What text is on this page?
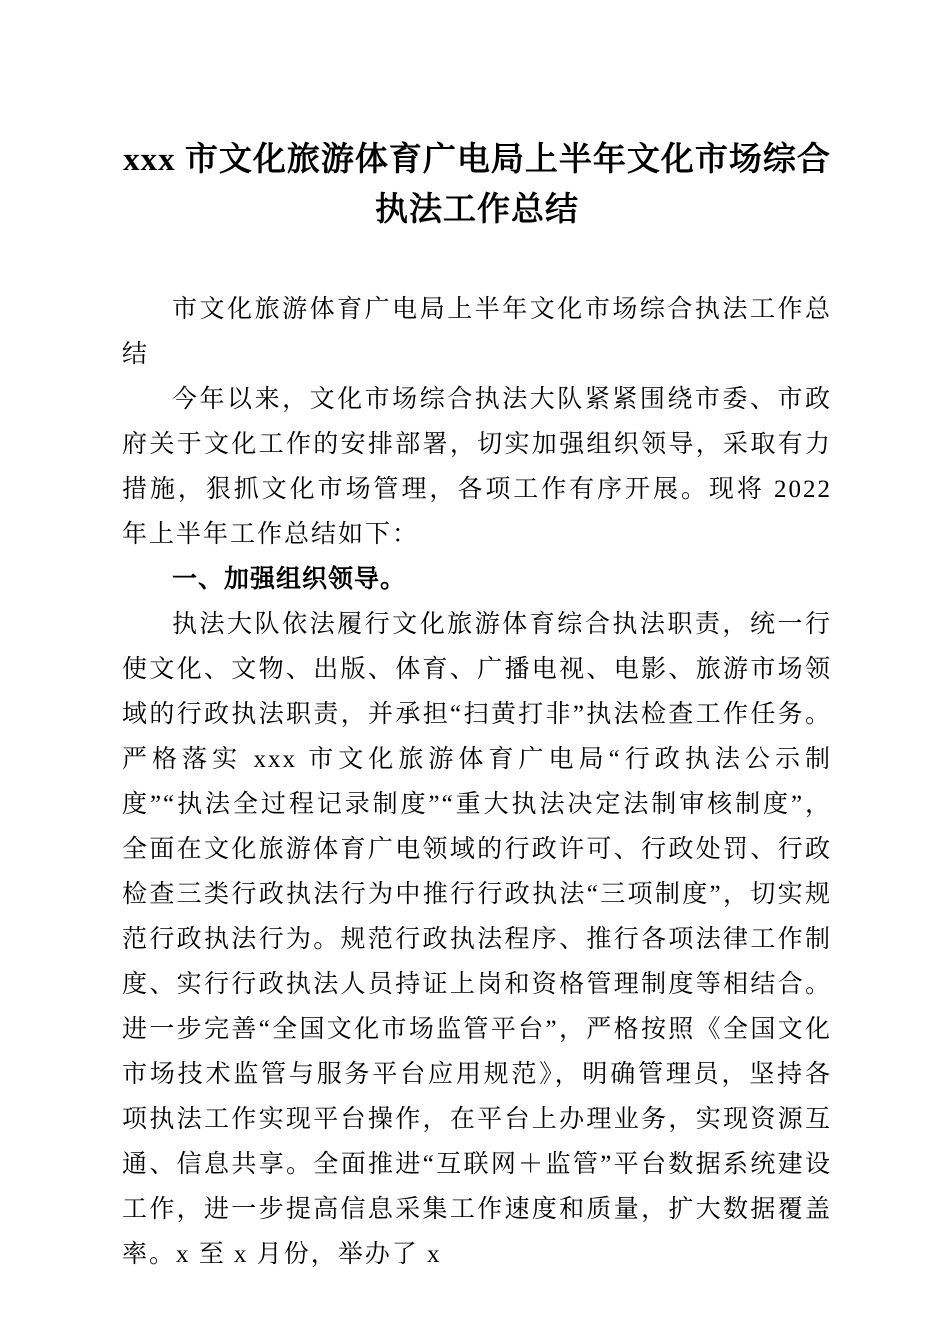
xxx 市文化旅游体育广电局上半年文化市场综合执法工作总结

市文化旅游体育广电局上半年文化市场综合执法工作总结

今年以来，文化市场综合执法大队紧紧围绕市委、市政府关于文化工作的安排部署，切实加强组织领导，采取有力措施，狠抓文化市场管理，各项工作有序开展。现将 2022 年上半年工作总结如下：

一、加强组织领导。

执法大队依法履行文化旅游体育综合执法职责，统一行使文化、文物、出版、体育、广播电视、电影、旅游市场领域的行政执法职责，并承担“扫黄打非”执法检查工作任务。严格落实 xxx 市文化旅游体育广电局“行政执法公示制度”“执法全过程记录制度”“重大执法决定法制审核制度”，全面在文化旅游体育广电领域的行政许可、行政处罚、行政检查三类行政执法行为中推行行政执法“三项制度”，切实规范行政执法行为。规范行政执法程序、推行各项法律工作制度、实行行政执法人员持证上岗和资格管理制度等相结合。进一步完善“全国文化市场监管平台”，严格按照《全国文化市场技术监管与服务平台应用规范》，明确管理员，坚持各项执法工作实现平台操作，在平台上办理业务，实现资源互通、信息共享。全面推进“互联网＋监管”平台数据系统建设工作，进一步提高信息采集工作速度和质量，扩大数据覆盖率。x 至 x 月份，举办了 x
